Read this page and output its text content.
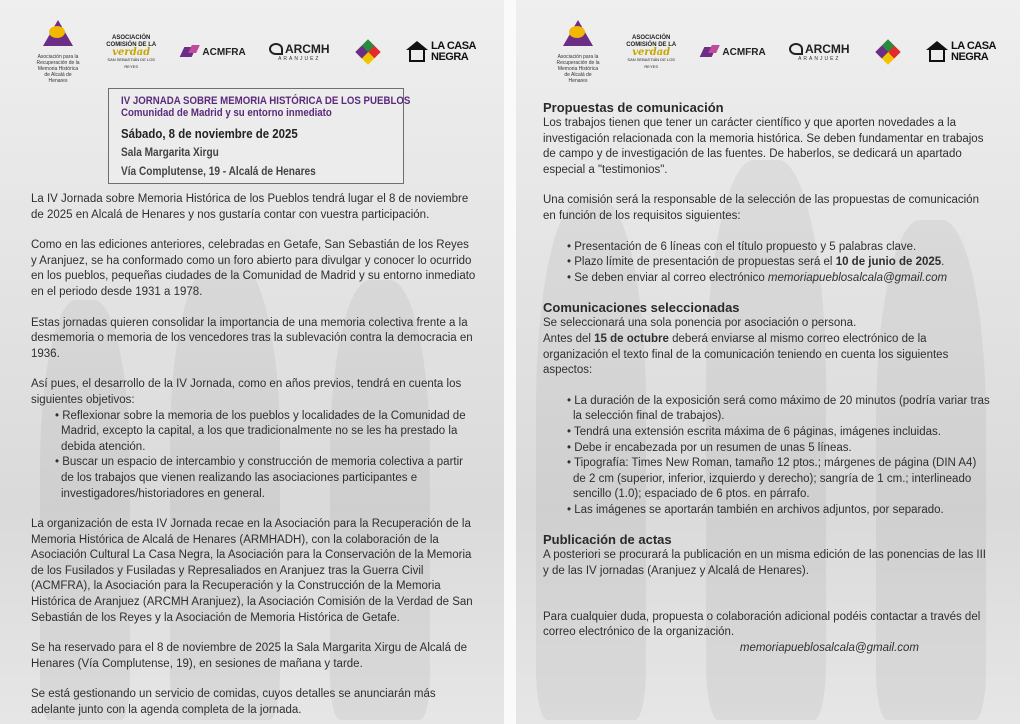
Asociación para la Recuperación de la Memoria Histórica de Alcalá de Henares
ASOCIACIÓN COMISIÓN DE LA
verdad
SAN SEBASTIÁN DE LOS REYES
ACMFRA	ARCMH
ARANJUEZ
LA CASA
NEGRA
IV JORNADA SOBRE MEMORIA HISTÓRICA DE LOS PUEBLOS
Comunidad de Madrid y su entorno inmediato
Sábado, 8 de noviembre de 2025
Sala Margarita Xirgu
Vía Complutense, 19 - Alcalá de Henares

La IV Jornada sobre Memoria Histórica de los Pueblos tendrá lugar el 8 de noviembre de 2025 en Alcalá de Henares y nos gustaría contar con vuestra participación.

Como en las ediciones anteriores, celebradas en Getafe, San Sebastián de los Reyes y Aranjuez, se ha conformado como un foro abierto para divulgar y conocer lo ocurrido en los pueblos, pequeñas ciudades de la Comunidad de Madrid y su entorno inmediato en el periodo desde 1931 a 1978.

Estas jornadas quieren consolidar la importancia de una memoria colectiva frente a la desmemoria o memoria de los vencedores tras la sublevación contra la democracia en 1936.

Así pues, el desarrollo de la IV Jornada, como en años previos, tendrá en cuenta los siguientes objetivos:

• Reflexionar sobre la memoria de los pueblos y localidades de la Comunidad de Madrid, excepto la capital, a los que tradicionalmente no se les ha prestado la debida atención.

• Buscar un espacio de intercambio y construcción de memoria colectiva a partir de los trabajos que vienen realizando las asociaciones participantes e investigadores/historiadores en general.

La organización de esta IV Jornada recae en la Asociación para la Recuperación de la Memoria Histórica de Alcalá de Henares (ARMHADH), con la colaboración de la Asociación Cultural La Casa Negra, la Asociación para la Conservación de la Memoria de los Fusilados y Fusiladas y Represaliados en Aranjuez tras la Guerra Civil (ACMFRA), la Asociación para la Recuperación y la Construcción de la Memoria Histórica de Aranjuez (ARCMH Aranjuez), la Asociación Comisión de la Verdad de San Sebastián de los Reyes y la Asociación de Memoria Histórica de Getafe.

Se ha reservado para el 8 de noviembre de 2025 la Sala Margarita Xirgu de Alcalá de Henares (Vía Complutense, 19), en sesiones de mañana y tarde.

Se está gestionando un servicio de comidas, cuyos detalles se anunciarán más adelante junto con la agenda completa de la jornada.

Asociación para la Recuperación de la Memoria Histórica de Alcalá de Henares
ASOCIACIÓN COMISIÓN DE LA
verdad
SAN SEBASTIÁN DE LOS REYES
ACMFRA	ARCMH
ARANJUEZ
LA CASA
NEGRA

Propuestas de comunicación

Los trabajos tienen que tener un carácter científico y que aporten novedades a la investigación relacionada con la memoria histórica. Se deben fundamentar en trabajos de campo y de investigación de las fuentes. De haberlos, se dedicará un apartado especial a "testimonios".

Una comisión será la responsable de la selección de las propuestas de comunicación en función de los requisitos siguientes:

• Presentación de 6 líneas con el título propuesto y 5 palabras clave.

• Plazo límite de presentación de propuestas será el 10 de junio de 2025.

• Se deben enviar al correo electrónico memoriapueblosalcala@gmail.com

Comunicaciones seleccionadas

Se seleccionará una sola ponencia por asociación o persona.

Antes del 15 de octubre deberá enviarse al mismo correo electrónico de la organización el texto final de la comunicación teniendo en cuenta los siguientes aspectos:

• La duración de la exposición será como máximo de 20 minutos (podría variar tras la selección final de trabajos).

• Tendrá una extensión escrita máxima de 6 páginas, imágenes incluidas.

• Debe ir encabezada por un resumen de unas 5 líneas.

• Tipografía: Times New Roman, tamaño 12 ptos.; márgenes de página (DIN A4) de 2 cm (superior, inferior, izquierdo y derecho); sangría de 1 cm.; interlineado sencillo (1.0); espaciado de 6 ptos. en párrafo.

• Las imágenes se aportarán también en archivos adjuntos, por separado.

Publicación de actas

A posteriori se procurará la publicación en un misma edición de las ponencias de las III y de las IV jornadas (Aranjuez y Alcalá de Henares).

Para cualquier duda, propuesta o colaboración adicional podéis contactar a través del correo electrónico de la organización.

memoriapueblosalcala@gmail.com
